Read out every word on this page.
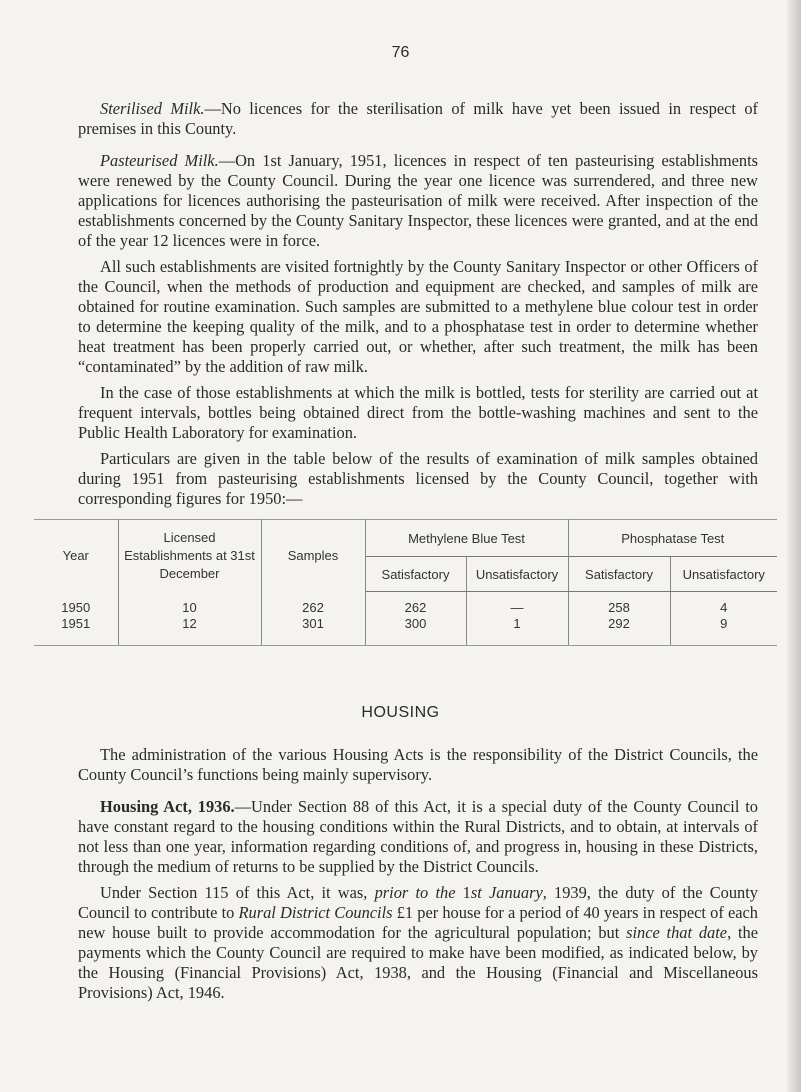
76

Sterilised Milk.—No licences for the sterilisation of milk have yet been issued in respect of premises in this County.

Pasteurised Milk.—On 1st January, 1951, licences in respect of ten pasteurising establishments were renewed by the County Council. During the year one licence was surrendered, and three new applications for licences authorising the pasteurisation of milk were received. After inspection of the establishments concerned by the County Sanitary Inspector, these licences were granted, and at the end of the year 12 licences were in force.

All such establishments are visited fortnightly by the County Sanitary Inspector or other Officers of the Council, when the methods of production and equipment are checked, and samples of milk are obtained for routine examination. Such samples are submitted to a methylene blue colour test in order to determine the keeping quality of the milk, and to a phosphatase test in order to determine whether heat treatment has been properly carried out, or whether, after such treatment, the milk has been “contaminated” by the addition of raw milk.

In the case of those establishments at which the milk is bottled, tests for sterility are carried out at frequent intervals, bottles being obtained direct from the bottle-washing machines and sent to the Public Health Laboratory for examination.

Particulars are given in the table below of the results of examination of milk samples obtained during 1951 from pasteurising establishments licensed by the County Council, together with corresponding figures for 1950:—

Year	Licensed Establishments at 31st December	Samples	Methylene Blue Test		Phosphatase Test	
			Satisfactory	Unsatisfactory	Satisfactory	Unsatisfactory
1950	10	262	262	—	258	4
1951	12	301	300	1	292	9
HOUSING

The administration of the various Housing Acts is the responsibility of the District Councils, the County Council’s functions being mainly supervisory.

Housing Act, 1936.—Under Section 88 of this Act, it is a special duty of the County Council to have constant regard to the housing conditions within the Rural Districts, and to obtain, at intervals of not less than one year, information regarding conditions of, and progress in, housing in these Districts, through the medium of returns to be supplied by the District Councils.

Under Section 115 of this Act, it was, prior to the 1st January, 1939, the duty of the County Council to contribute to Rural District Councils £1 per house for a period of 40 years in respect of each new house built to provide accommodation for the agricultural population; but since that date, the payments which the County Council are required to make have been modified, as indicated below, by the Housing (Financial Provisions) Act, 1938, and the Housing (Financial and Miscellaneous Provisions) Act, 1946.
